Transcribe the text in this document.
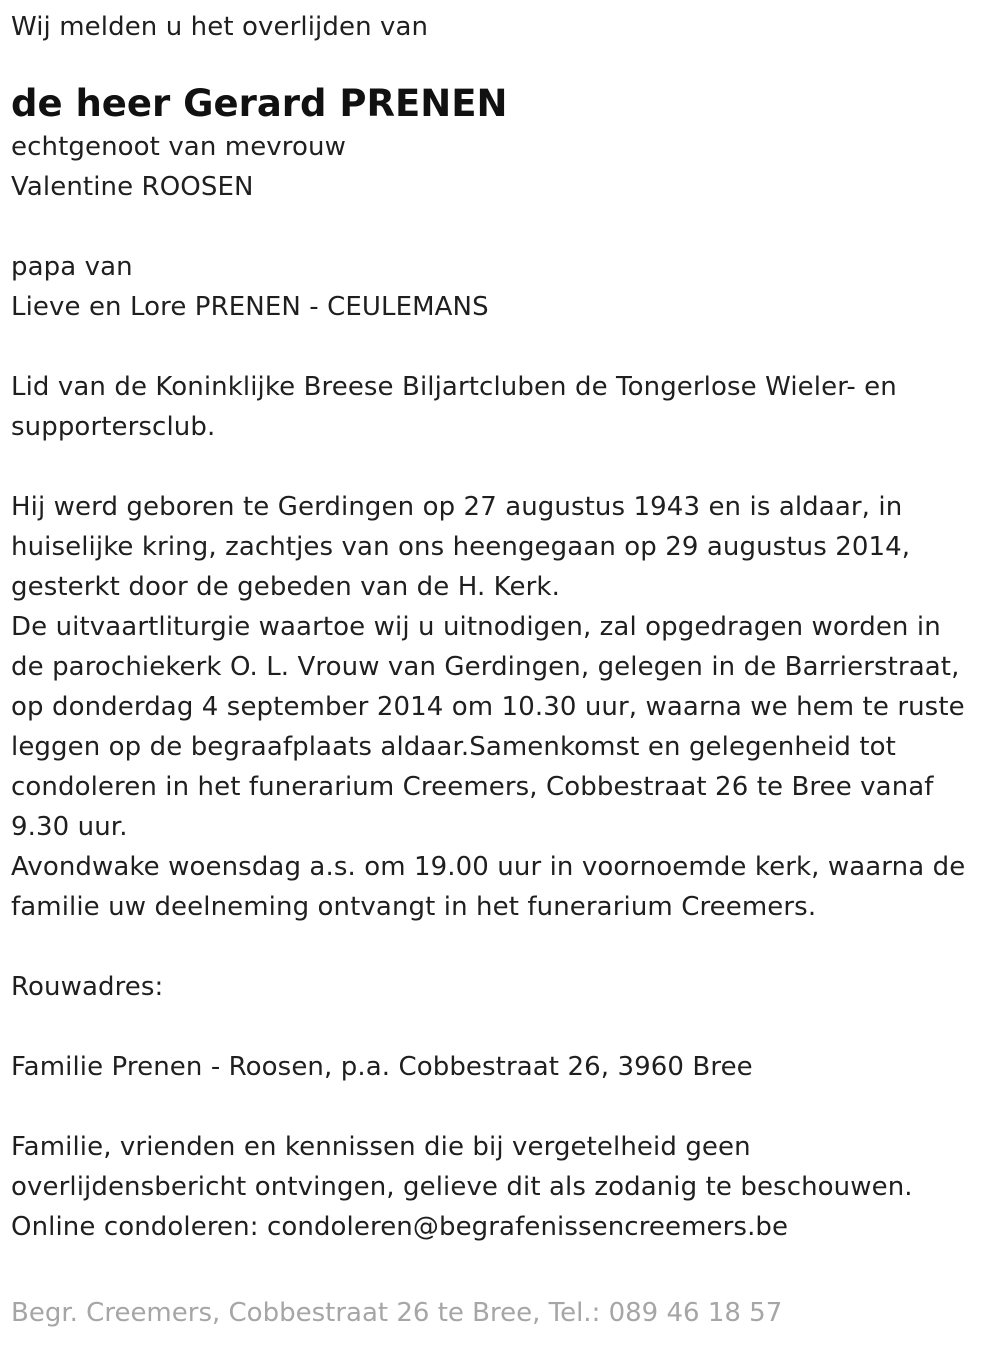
Wij melden u het overlijden van
de heer Gerard PRENEN
echtgenoot van mevrouw
Valentine ROOSEN
papa van
Lieve en Lore PRENEN - CEULEMANS
Lid van de Koninklijke Breese Biljartcluben de Tongerlose Wieler- en
supportersclub.
Hij werd geboren te Gerdingen op 27 augustus 1943 en is aldaar, in
huiselijke kring, zachtjes van ons heengegaan op 29 augustus 2014,
gesterkt door de gebeden van de H. Kerk.
De uitvaartliturgie waartoe wij u uitnodigen, zal opgedragen worden in
de parochiekerk O. L. Vrouw van Gerdingen, gelegen in de Barrierstraat,
op donderdag 4 september 2014 om 10.30 uur, waarna we hem te ruste
leggen op de begraafplaats aldaar.Samenkomst en gelegenheid tot
condoleren in het funerarium Creemers, Cobbestraat 26 te Bree vanaf
9.30 uur.
Avondwake woensdag a.s. om 19.00 uur in voornoemde kerk, waarna de
familie uw deelneming ontvangt in het funerarium Creemers.
Rouwadres:
Familie Prenen - Roosen, p.a. Cobbestraat 26, 3960 Bree
Familie, vrienden en kennissen die bij vergetelheid geen
overlijdensbericht ontvingen, gelieve dit als zodanig te beschouwen.
Online condoleren: condoleren@begrafenissencreemers.be
Begr. Creemers, Cobbestraat 26 te Bree, Tel.: 089 46 18 57
